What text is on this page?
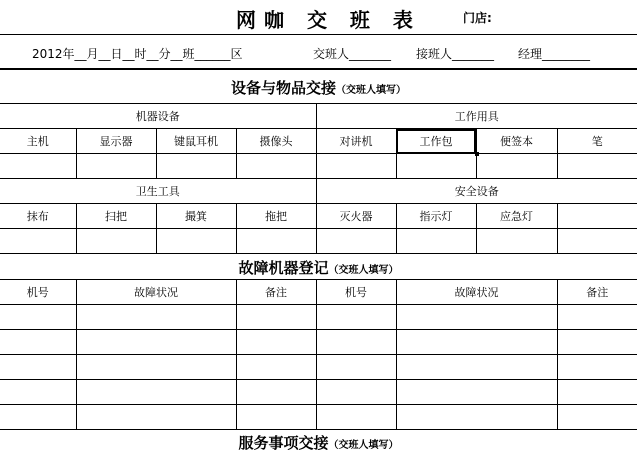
网咖 交 班 表	门店:
2012年__月__日__时__分__班______区	交班人_______ 接班人_______ 经理________
设备与物品交接（交班人填写）
机器设备				工作用具			
主机	显示器	键鼠耳机	摄像头	对讲机	工作包	便签本	笔

卫生工具				安全设备			
抹布	扫把	撮箕	拖把	灭火器	指示灯	应急灯	

故障机器登记（交班人填写）
机号	故障状况	备注	机号	故障状况	备注

服务事项交接（交班人填写）
